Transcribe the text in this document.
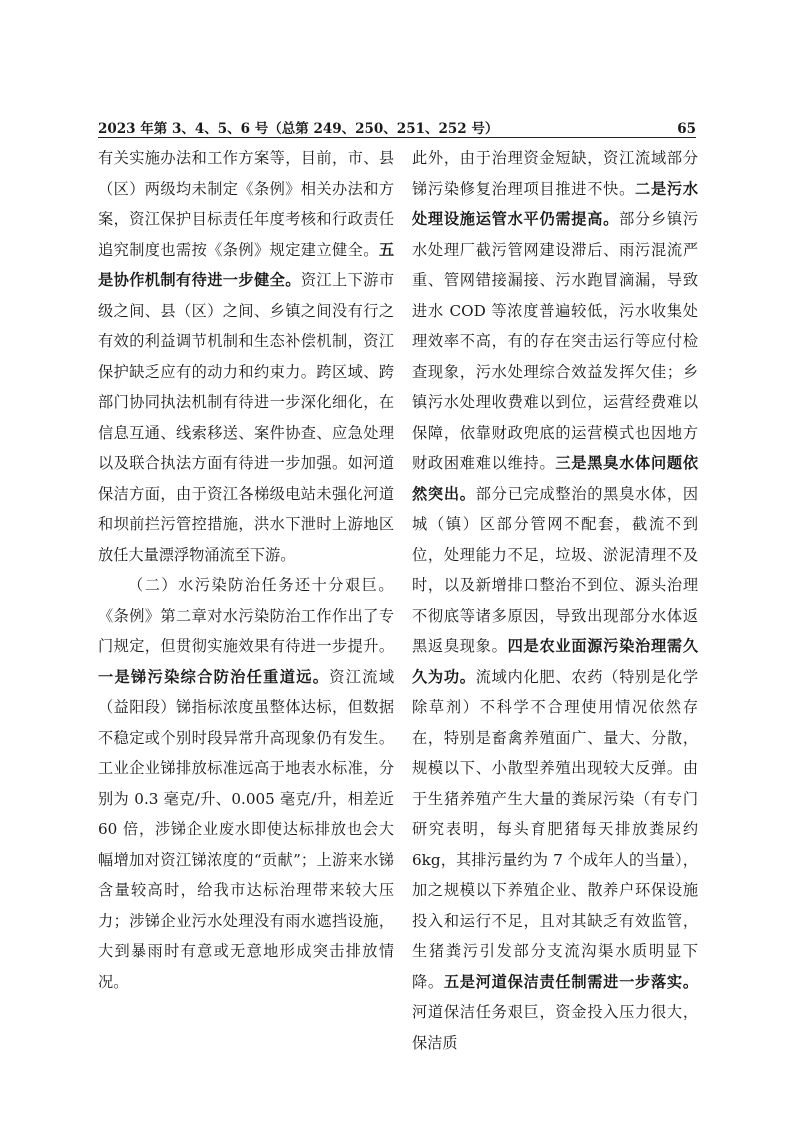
2023 年第 3、4、5、6 号（总第 249、250、251、252 号）	65

有关实施办法和工作方案等，目前，市、县（区）两级均未制定《条例》相关办法和方案，资江保护目标责任年度考核和行政责任追究制度也需按《条例》规定建立健全。五是协作机制有待进一步健全。资江上下游市级之间、县（区）之间、乡镇之间没有行之有效的利益调节机制和生态补偿机制，资江保护缺乏应有的动力和约束力。跨区域、跨部门协同执法机制有待进一步深化细化，在信息互通、线索移送、案件协查、应急处理以及联合执法方面有待进一步加强。如河道保洁方面，由于资江各梯级电站未强化河道和坝前拦污管控措施，洪水下泄时上游地区放任大量漂浮物涌流至下游。

（二）水污染防治任务还十分艰巨。《条例》第二章对水污染防治工作作出了专门规定，但贯彻实施效果有待进一步提升。一是锑污染综合防治任重道远。资江流域（益阳段）锑指标浓度虽整体达标，但数据不稳定或个别时段异常升高现象仍有发生。工业企业锑排放标准远高于地表水标准，分别为 0.3 毫克/升、0.005 毫克/升，相差近 60 倍，涉锑企业废水即使达标排放也会大幅增加对资江锑浓度的“贡献”；上游来水锑含量较高时，给我市达标治理带来较大压力；涉锑企业污水处理没有雨水遮挡设施，大到暴雨时有意或无意地形成突击排放情况。

此外，由于治理资金短缺，资江流域部分锑污染修复治理项目推进不快。二是污水处理设施运管水平仍需提高。部分乡镇污水处理厂截污管网建设滞后、雨污混流严重、管网错接漏接、污水跑冒滴漏，导致进水 COD 等浓度普遍较低，污水收集处理效率不高，有的存在突击运行等应付检查现象，污水处理综合效益发挥欠佳；乡镇污水处理收费难以到位，运营经费难以保障，依靠财政兜底的运营模式也因地方财政困难难以维持。三是黑臭水体问题依然突出。部分已完成整治的黑臭水体，因城（镇）区部分管网不配套，截流不到位，处理能力不足，垃圾、淤泥清理不及时，以及新增排口整治不到位、源头治理不彻底等诸多原因，导致出现部分水体返黑返臭现象。四是农业面源污染治理需久久为功。流域内化肥、农药（特别是化学除草剂）不科学不合理使用情况依然存在，特别是畜禽养殖面广、量大、分散，规模以下、小散型养殖出现较大反弹。由于生猪养殖产生大量的粪尿污染（有专门研究表明，每头育肥猪每天排放粪尿约 6kg，其排污量约为 7 个成年人的当量），加之规模以下养殖企业、散养户环保设施投入和运行不足，且对其缺乏有效监管，生猪粪污引发部分支流沟渠水质明显下降。五是河道保洁责任制需进一步落实。河道保洁任务艰巨，资金投入压力很大，保洁质
